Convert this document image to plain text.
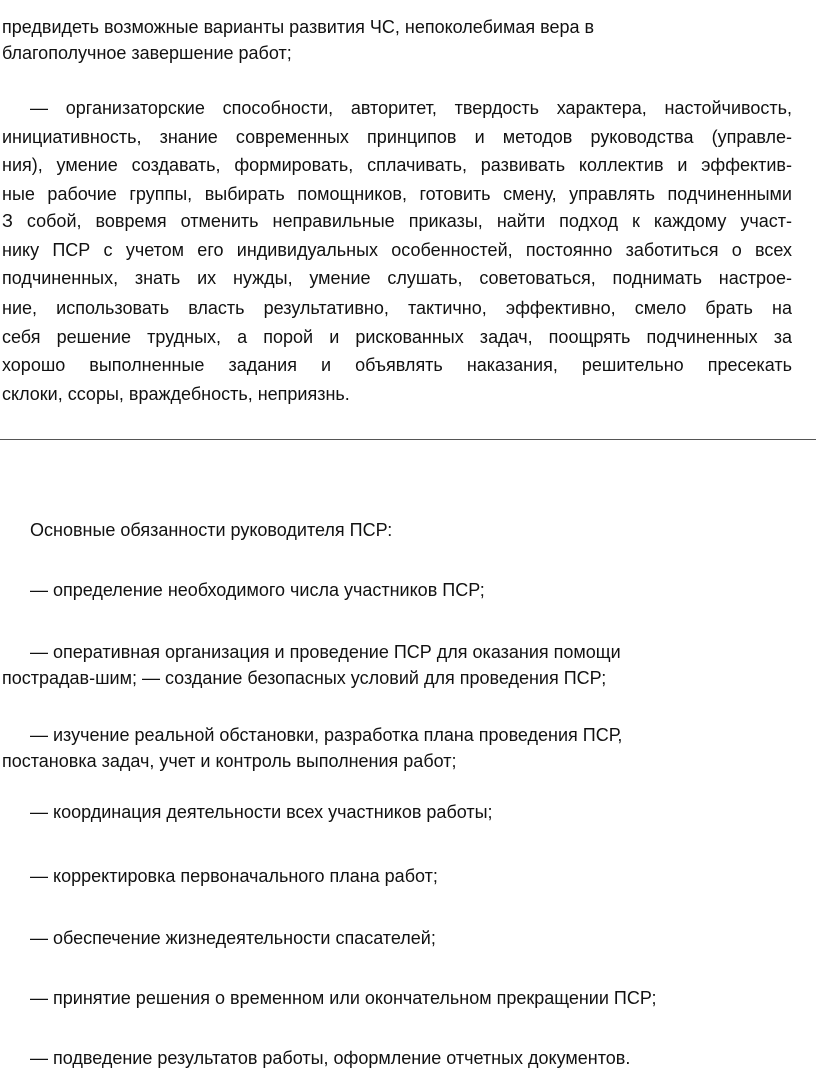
предвидеть возможные варианты развития ЧС, непоколебимая вера в
благополучное завершение работ;
— организаторские способности, авторитет, твердость характера, настойчивость,
инициативность, знание современных принципов и методов руководства (управле-
ния), умение создавать, формировать, сплачивать, развивать коллектив и эффектив-
ные рабочие группы, выбирать помощников, готовить смену, управлять подчиненными
З собой, вовремя отменить неправильные приказы, найти подход к каждому участ-
нику ПСР с учетом его индивидуальных особенностей, постоянно заботиться о всех
подчиненных, знать их нужды, умение слушать, советоваться, поднимать настрое-
ние, использовать власть результативно, тактично, эффективно, смело брать на
себя решение трудных, а порой и рискованных задач, поощрять подчиненных за
хорошо выполненные задания и объявлять наказания, решительно пресекать
склоки, ссоры, враждебность, неприязнь.
Основные обязанности руководителя ПСР:
— определение необходимого числа участников ПСР;
— оперативная организация и проведение ПСР для оказания помощи
пострадав-шим; — создание безопасных условий для проведения ПСР;
— изучение реальной обстановки, разработка плана проведения ПСР,
постановка задач, учет и контроль выполнения работ;
— координация деятельности всех участников работы;
— корректировка первоначального плана работ;
— обеспечение жизнедеятельности спасателей;
— принятие решения о временном или окончательном прекращении ПСР;
— подведение результатов работы, оформление отчетных документов.
